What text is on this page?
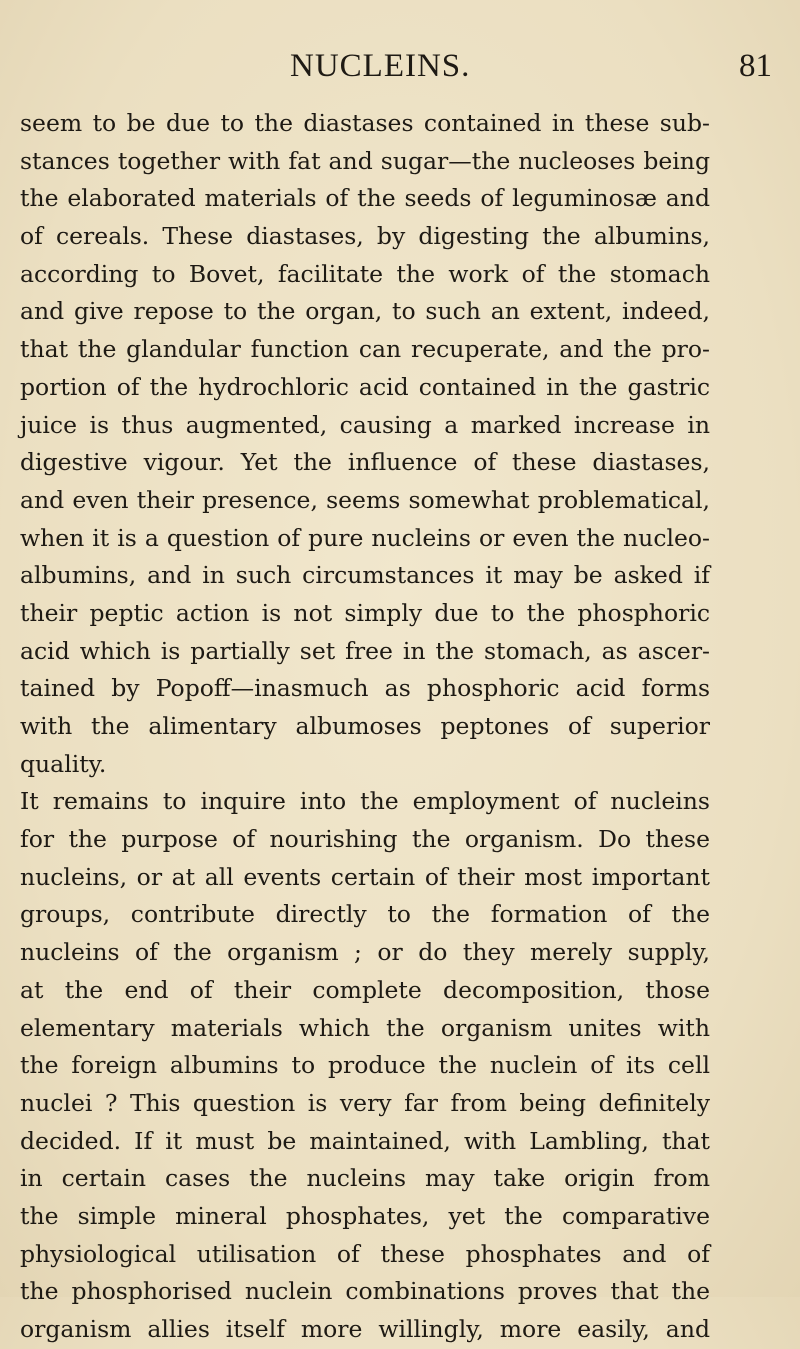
NUCLEINS.	81
seem to be due to the diastases contained in these sub-
stances together with fat and sugar—the nucleoses being
the elaborated materials of the seeds of leguminosæ and
of cereals. These diastases, by digesting the albumins,
according to Bovet, facilitate the work of the stomach
and give repose to the organ, to such an extent, indeed,
that the glandular function can recuperate, and the pro-
portion of the hydrochloric acid contained in the gastric
juice is thus augmented, causing a marked increase in
digestive vigour. Yet the influence of these diastases,
and even their presence, seems somewhat problematical,
when it is a question of pure nucleins or even the nucleo-
albumins, and in such circumstances it may be asked if
their peptic action is not simply due to the phosphoric
acid which is partially set free in the stomach, as ascer-
tained by Popoff—inasmuch as phosphoric acid forms
with the alimentary albumoses peptones of superior
quality.
It remains to inquire into the employment of nucleins
for the purpose of nourishing the organism. Do these
nucleins, or at all events certain of their most important
groups, contribute directly to the formation of the
nucleins of the organism ; or do they merely supply,
at the end of their complete decomposition, those
elementary materials which the organism unites with
the foreign albumins to produce the nuclein of its cell
nuclei ? This question is very far from being definitely
decided. If it must be maintained, with Lambling, that
in certain cases the nucleins may take origin from
the simple mineral phosphates, yet the comparative
physiological utilisation of these phosphates and of
the phosphorised nuclein combinations proves that the
organism allies itself more willingly, more easily, and
